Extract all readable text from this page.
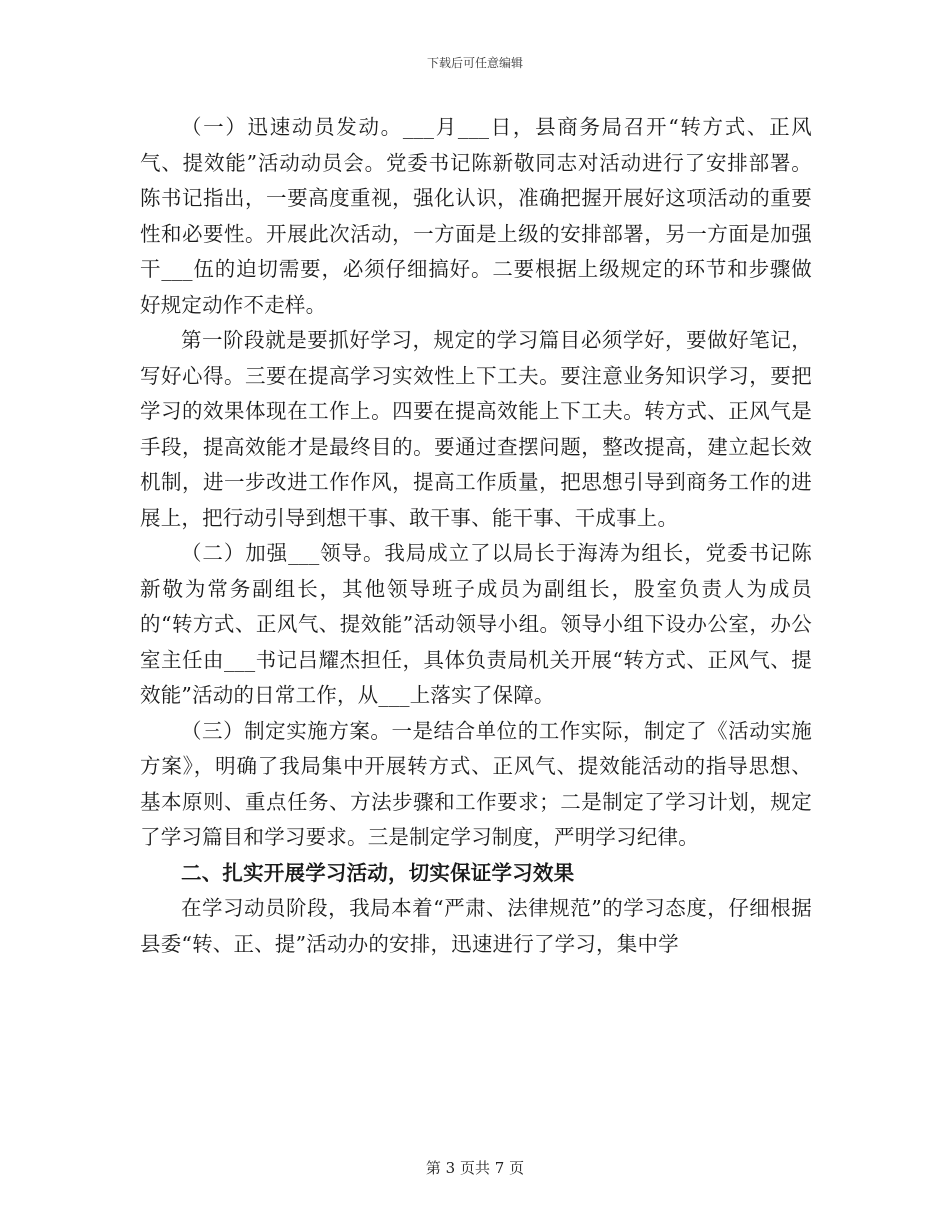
下载后可任意编辑

（一）迅速动员发动。___月___日，县商务局召开“转方式、正风气、提效能”活动动员会。党委书记陈新敬同志对活动进行了安排部署。陈书记指出，一要高度重视，强化认识，准确把握开展好这项活动的重要性和必要性。开展此次活动，一方面是上级的安排部署，另一方面是加强干___伍的迫切需要，必须仔细搞好。二要根据上级规定的环节和步骤做好规定动作不走样。

第一阶段就是要抓好学习，规定的学习篇目必须学好，要做好笔记，写好心得。三要在提高学习实效性上下工夫。要注意业务知识学习，要把学习的效果体现在工作上。四要在提高效能上下工夫。转方式、正风气是手段，提高效能才是最终目的。要通过查摆问题，整改提高，建立起长效机制，进一步改进工作作风，提高工作质量，把思想引导到商务工作的进展上，把行动引导到想干事、敢干事、能干事、干成事上。

（二）加强___领导。我局成立了以局长于海涛为组长，党委书记陈新敬为常务副组长，其他领导班子成员为副组长，股室负责人为成员的“转方式、正风气、提效能”活动领导小组。领导小组下设办公室，办公室主任由___书记吕耀杰担任，具体负责局机关开展“转方式、正风气、提效能”活动的日常工作，从___上落实了保障。

（三）制定实施方案。一是结合单位的工作实际，制定了《活动实施方案》，明确了我局集中开展转方式、正风气、提效能活动的指导思想、基本原则、重点任务、方法步骤和工作要求；二是制定了学习计划，规定了学习篇目和学习要求。三是制定学习制度，严明学习纪律。

二、扎实开展学习活动，切实保证学习效果

在学习动员阶段，我局本着“严肃、法律规范”的学习态度，仔细根据县委“转、正、提”活动办的安排，迅速进行了学习，集中学

第 3 页共 7 页
